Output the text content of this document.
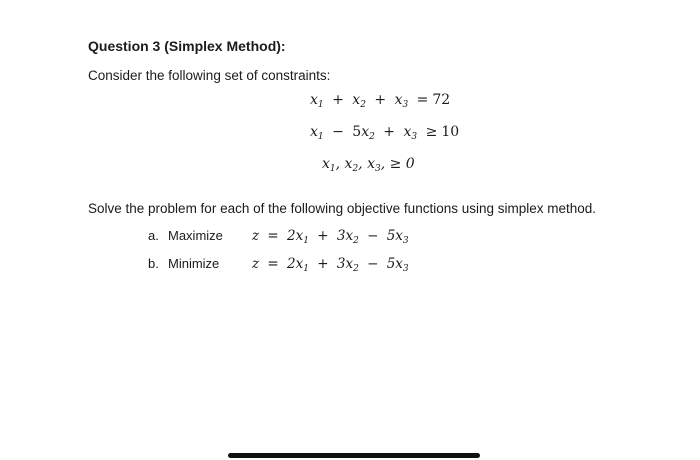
Question 3 (Simplex Method):
Consider the following set of constraints:
$x_1 + x_2 + x_3 = 72$
$x_1 - 5x_2 + x_3 \ge 10$
$x_1$, $x_2$, $x_3$, ≥ 0
Solve the problem for each of the following objective functions using simplex method.
a. Maximize	$z = 2x_1 + 3x_2 - 5x_3$
b. Minimize	$z = 2x_1 + 3x_2 - 5x_3$
